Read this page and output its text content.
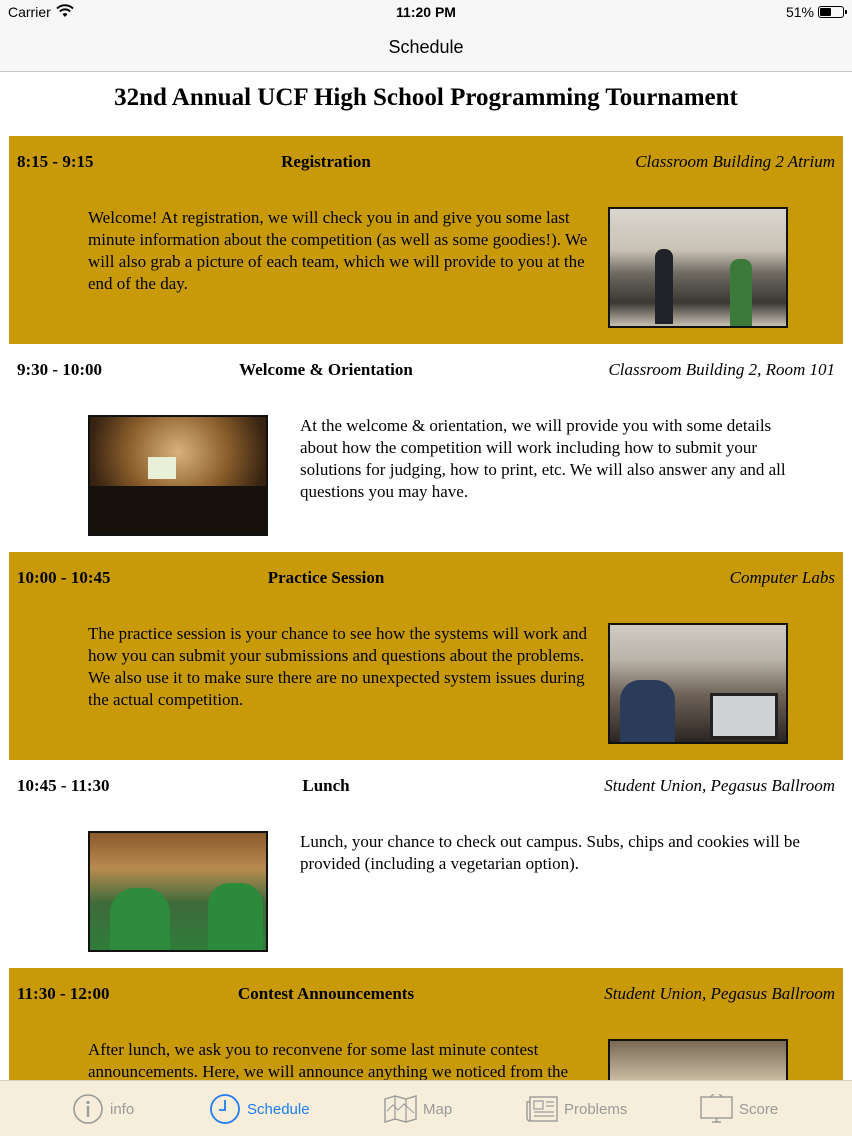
Carrier	11:20 PM	51%
Schedule
32nd Annual UCF High School Programming Tournament
8:15 - 9:15	Registration	Classroom Building 2 Atrium
Welcome! At registration, we will check you in and give you some last minute information about the competition (as well as some goodies!). We will also grab a picture of each team, which we will provide to you at the end of the day.
9:30 - 10:00	Welcome & Orientation	Classroom Building 2, Room 101
At the welcome & orientation, we will provide you with some details about how the competition will work including how to submit your solutions for judging, how to print, etc. We will also answer any and all questions you may have.
10:00 - 10:45	Practice Session	Computer Labs
The practice session is your chance to see how the systems will work and how you can submit your submissions and questions about the problems. We also use it to make sure there are no unexpected system issues during the actual competition.
10:45 - 11:30	Lunch	Student Union, Pegasus Ballroom
Lunch, your chance to check out campus. Subs, chips and cookies will be provided (including a vegetarian option).
11:30 - 12:00	Contest Announcements	Student Union, Pegasus Ballroom
After lunch, we ask you to reconvene for some last minute contest announcements. Here, we will announce anything we noticed from the
info	Schedule	Map	Problems	Score
